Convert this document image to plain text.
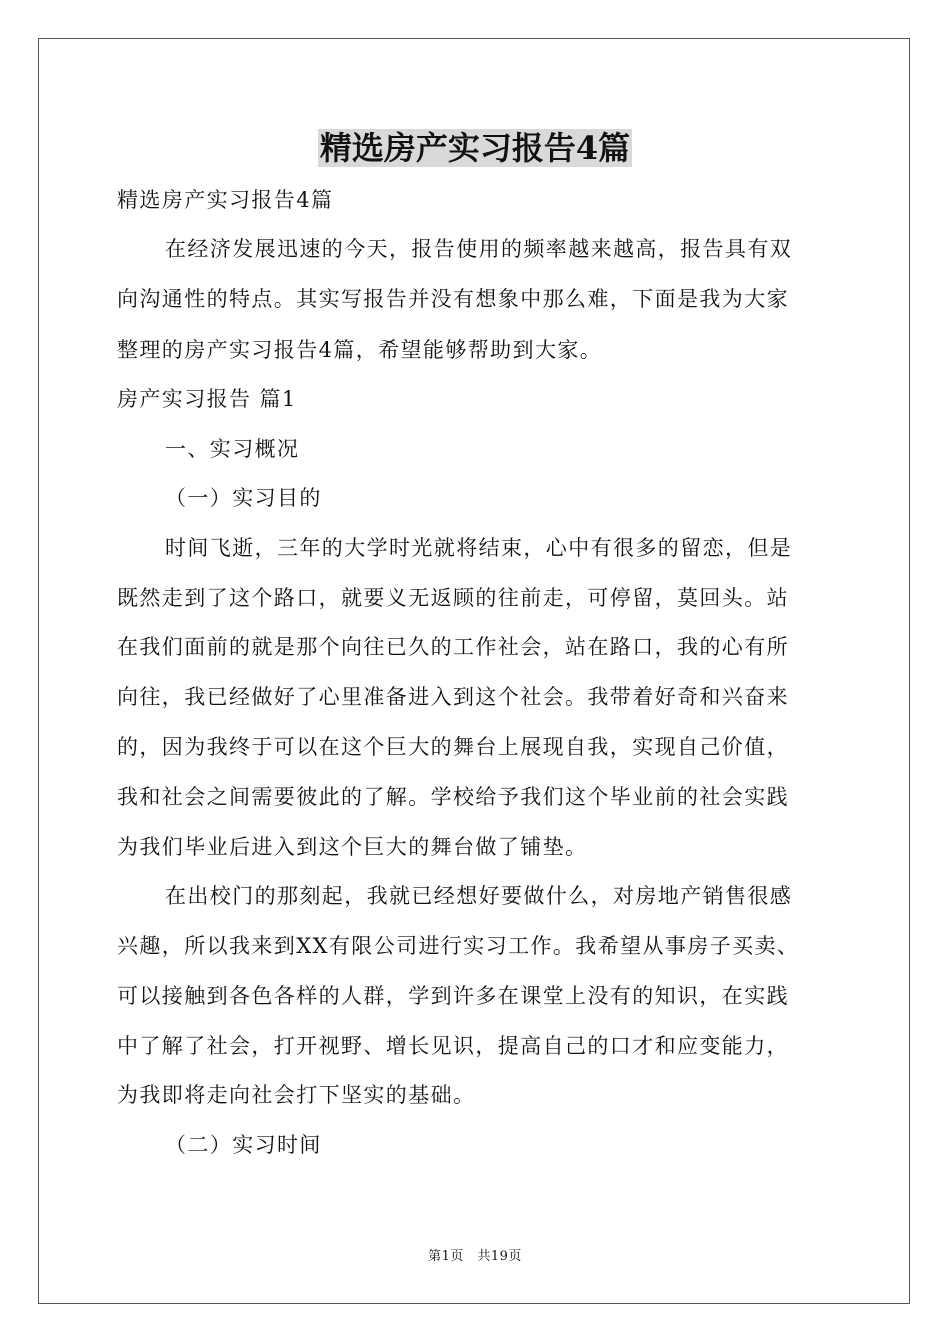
精选房产实习报告4篇
精选房产实习报告4篇
在经济发展迅速的今天，报告使用的频率越来越高，报告具有双
向沟通性的特点。其实写报告并没有想象中那么难，下面是我为大家
整理的房产实习报告4篇，希望能够帮助到大家。
房产实习报告 篇1
一、实习概况
（一）实习目的
时间飞逝，三年的大学时光就将结束，心中有很多的留恋，但是
既然走到了这个路口，就要义无返顾的往前走，可停留，莫回头。站
在我们面前的就是那个向往已久的工作社会，站在路口，我的心有所
向往，我已经做好了心里准备进入到这个社会。我带着好奇和兴奋来
的，因为我终于可以在这个巨大的舞台上展现自我，实现自己价值，
我和社会之间需要彼此的了解。学校给予我们这个毕业前的社会实践
为我们毕业后进入到这个巨大的舞台做了铺垫。
在出校门的那刻起，我就已经想好要做什么，对房地产销售很感
兴趣，所以我来到XX有限公司进行实习工作。我希望从事房子买卖、
可以接触到各色各样的人群，学到许多在课堂上没有的知识，在实践
中了解了社会，打开视野、增长见识，提高自己的口才和应变能力，
为我即将走向社会打下坚实的基础。
（二）实习时间
第1页　共19页
